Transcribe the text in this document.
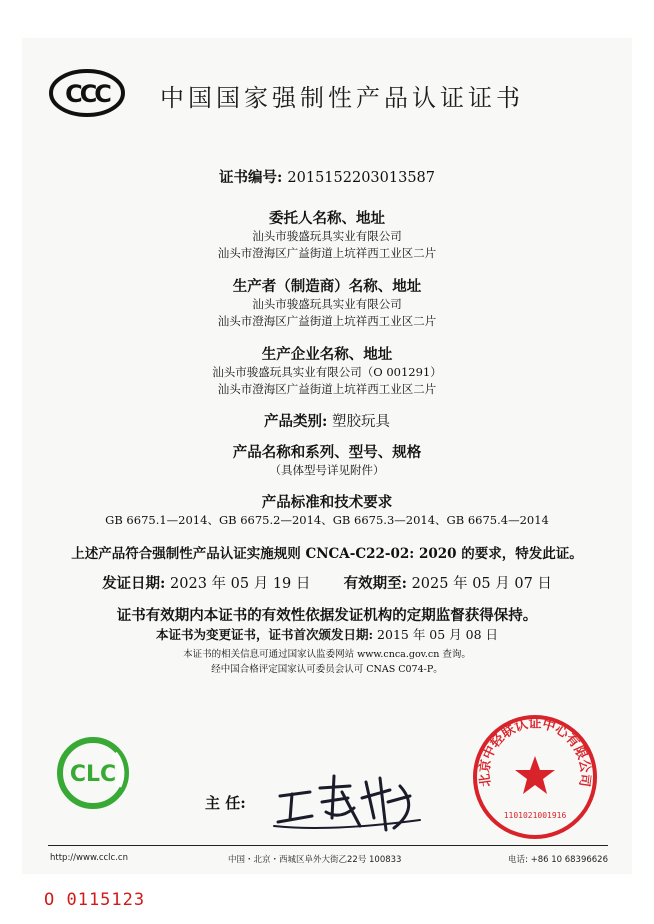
CCC 中国国家强制性产品认证证书
证书编号: 2015152203013587
委托人名称、地址
汕头市骏盛玩具实业有限公司
汕头市澄海区广益街道上坑祥西工业区二片
生产者（制造商）名称、地址
汕头市骏盛玩具实业有限公司
汕头市澄海区广益街道上坑祥西工业区二片
生产企业名称、地址
汕头市骏盛玩具实业有限公司（O 001291）
汕头市澄海区广益街道上坑祥西工业区二片
产品类别: 塑胶玩具
产品名称和系列、型号、规格
（具体型号详见附件）
产品标准和技术要求
GB 6675.1—2014、GB 6675.2—2014、GB 6675.3—2014、GB 6675.4—2014
上述产品符合强制性产品认证实施规则 CNCA-C22-02: 2020 的要求，特发此证。
发证日期: 2023 年 05 月 19 日 有效期至: 2025 年 05 月 07 日
证书有效期内本证书的有效性依据发证机构的定期监督获得保持。
本证书为变更证书，证书首次颁发日期: 2015 年 05 月 08 日
本证书的相关信息可通过国家认监委网站 www.cnca.gov.cn 查询。
经中国合格评定国家认可委员会认可 CNAS C074-P。
CLC
主 任:
北京中轻联认证中心有限公司
1101021001916
http://www.cclc.cn	中国・北京・西城区阜外大街乙22号 100833	电话: +86 10 68396626
O 0115123
